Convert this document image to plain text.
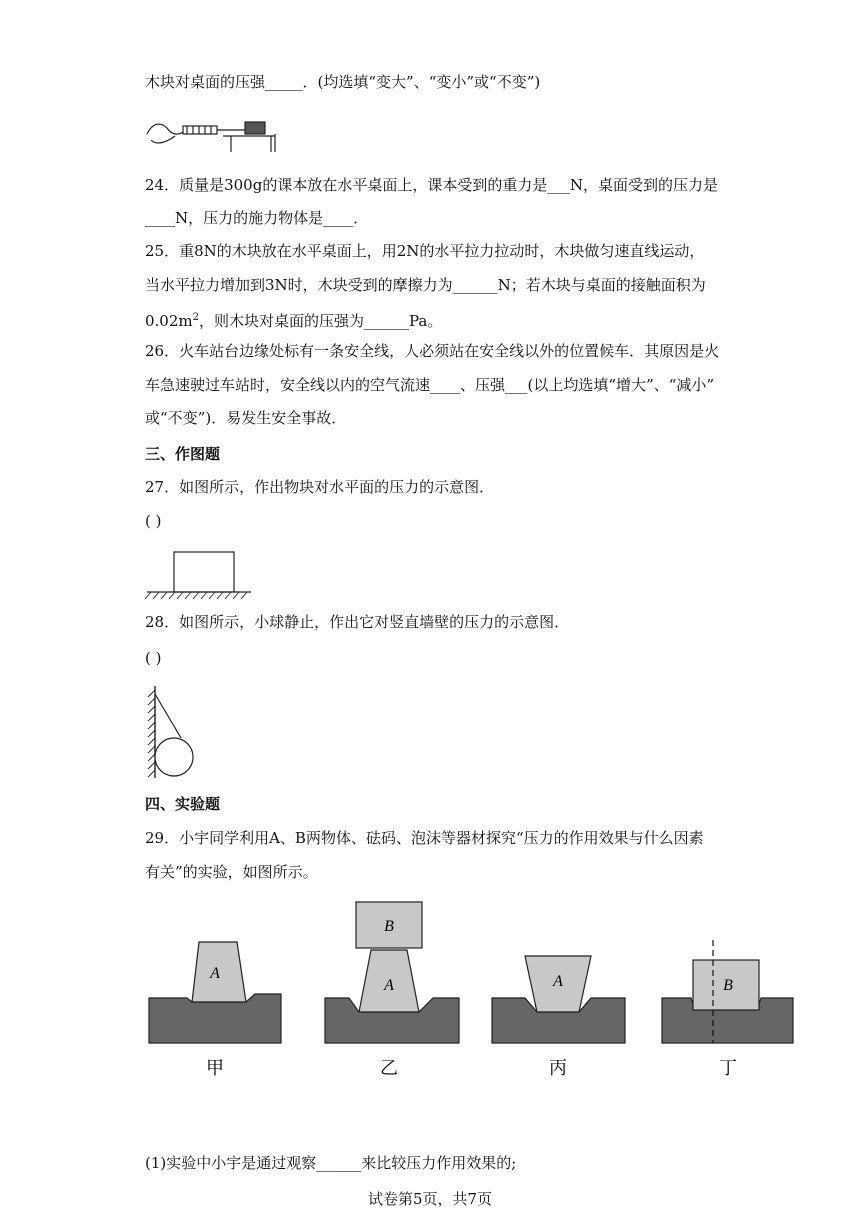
木块对桌面的压强_____．(均选填“变大”、“变小”或“不变”)
24．质量是300g的课本放在水平桌面上，课本受到的重力是___N，桌面受到的压力是
____N，压力的施力物体是____．
25．重8N的木块放在水平桌面上，用2N的水平拉力拉动时，木块做匀速直线运动，
当水平拉力增加到3N时，木块受到的摩擦力为______N；若木块与桌面的接触面积为
$0.02m^2$，则木块对桌面的压强为______Pa。
26．火车站台边缘处标有一条安全线，人必须站在安全线以外的位置候车．其原因是火
车急速驶过车站时，安全线以内的空气流速____、压强___(以上均选填“增大”、“减小”
或“不变”)．易发生安全事故．
三、作图题
27．如图所示，作出物块对水平面的压力的示意图．
( )
28．如图所示，小球静止，作出它对竖直墙壁的压力的示意图．
( )
四、实验题
29．小宇同学利用A、B两物体、砝码、泡沫等器材探究“压力的作用效果与什么因素
有关”的实验，如图所示。
A
B
A	A	B
甲	乙	丙	丁
(1)实验中小宇是通过观察______来比较压力作用效果的;
试卷第5页，共7页
